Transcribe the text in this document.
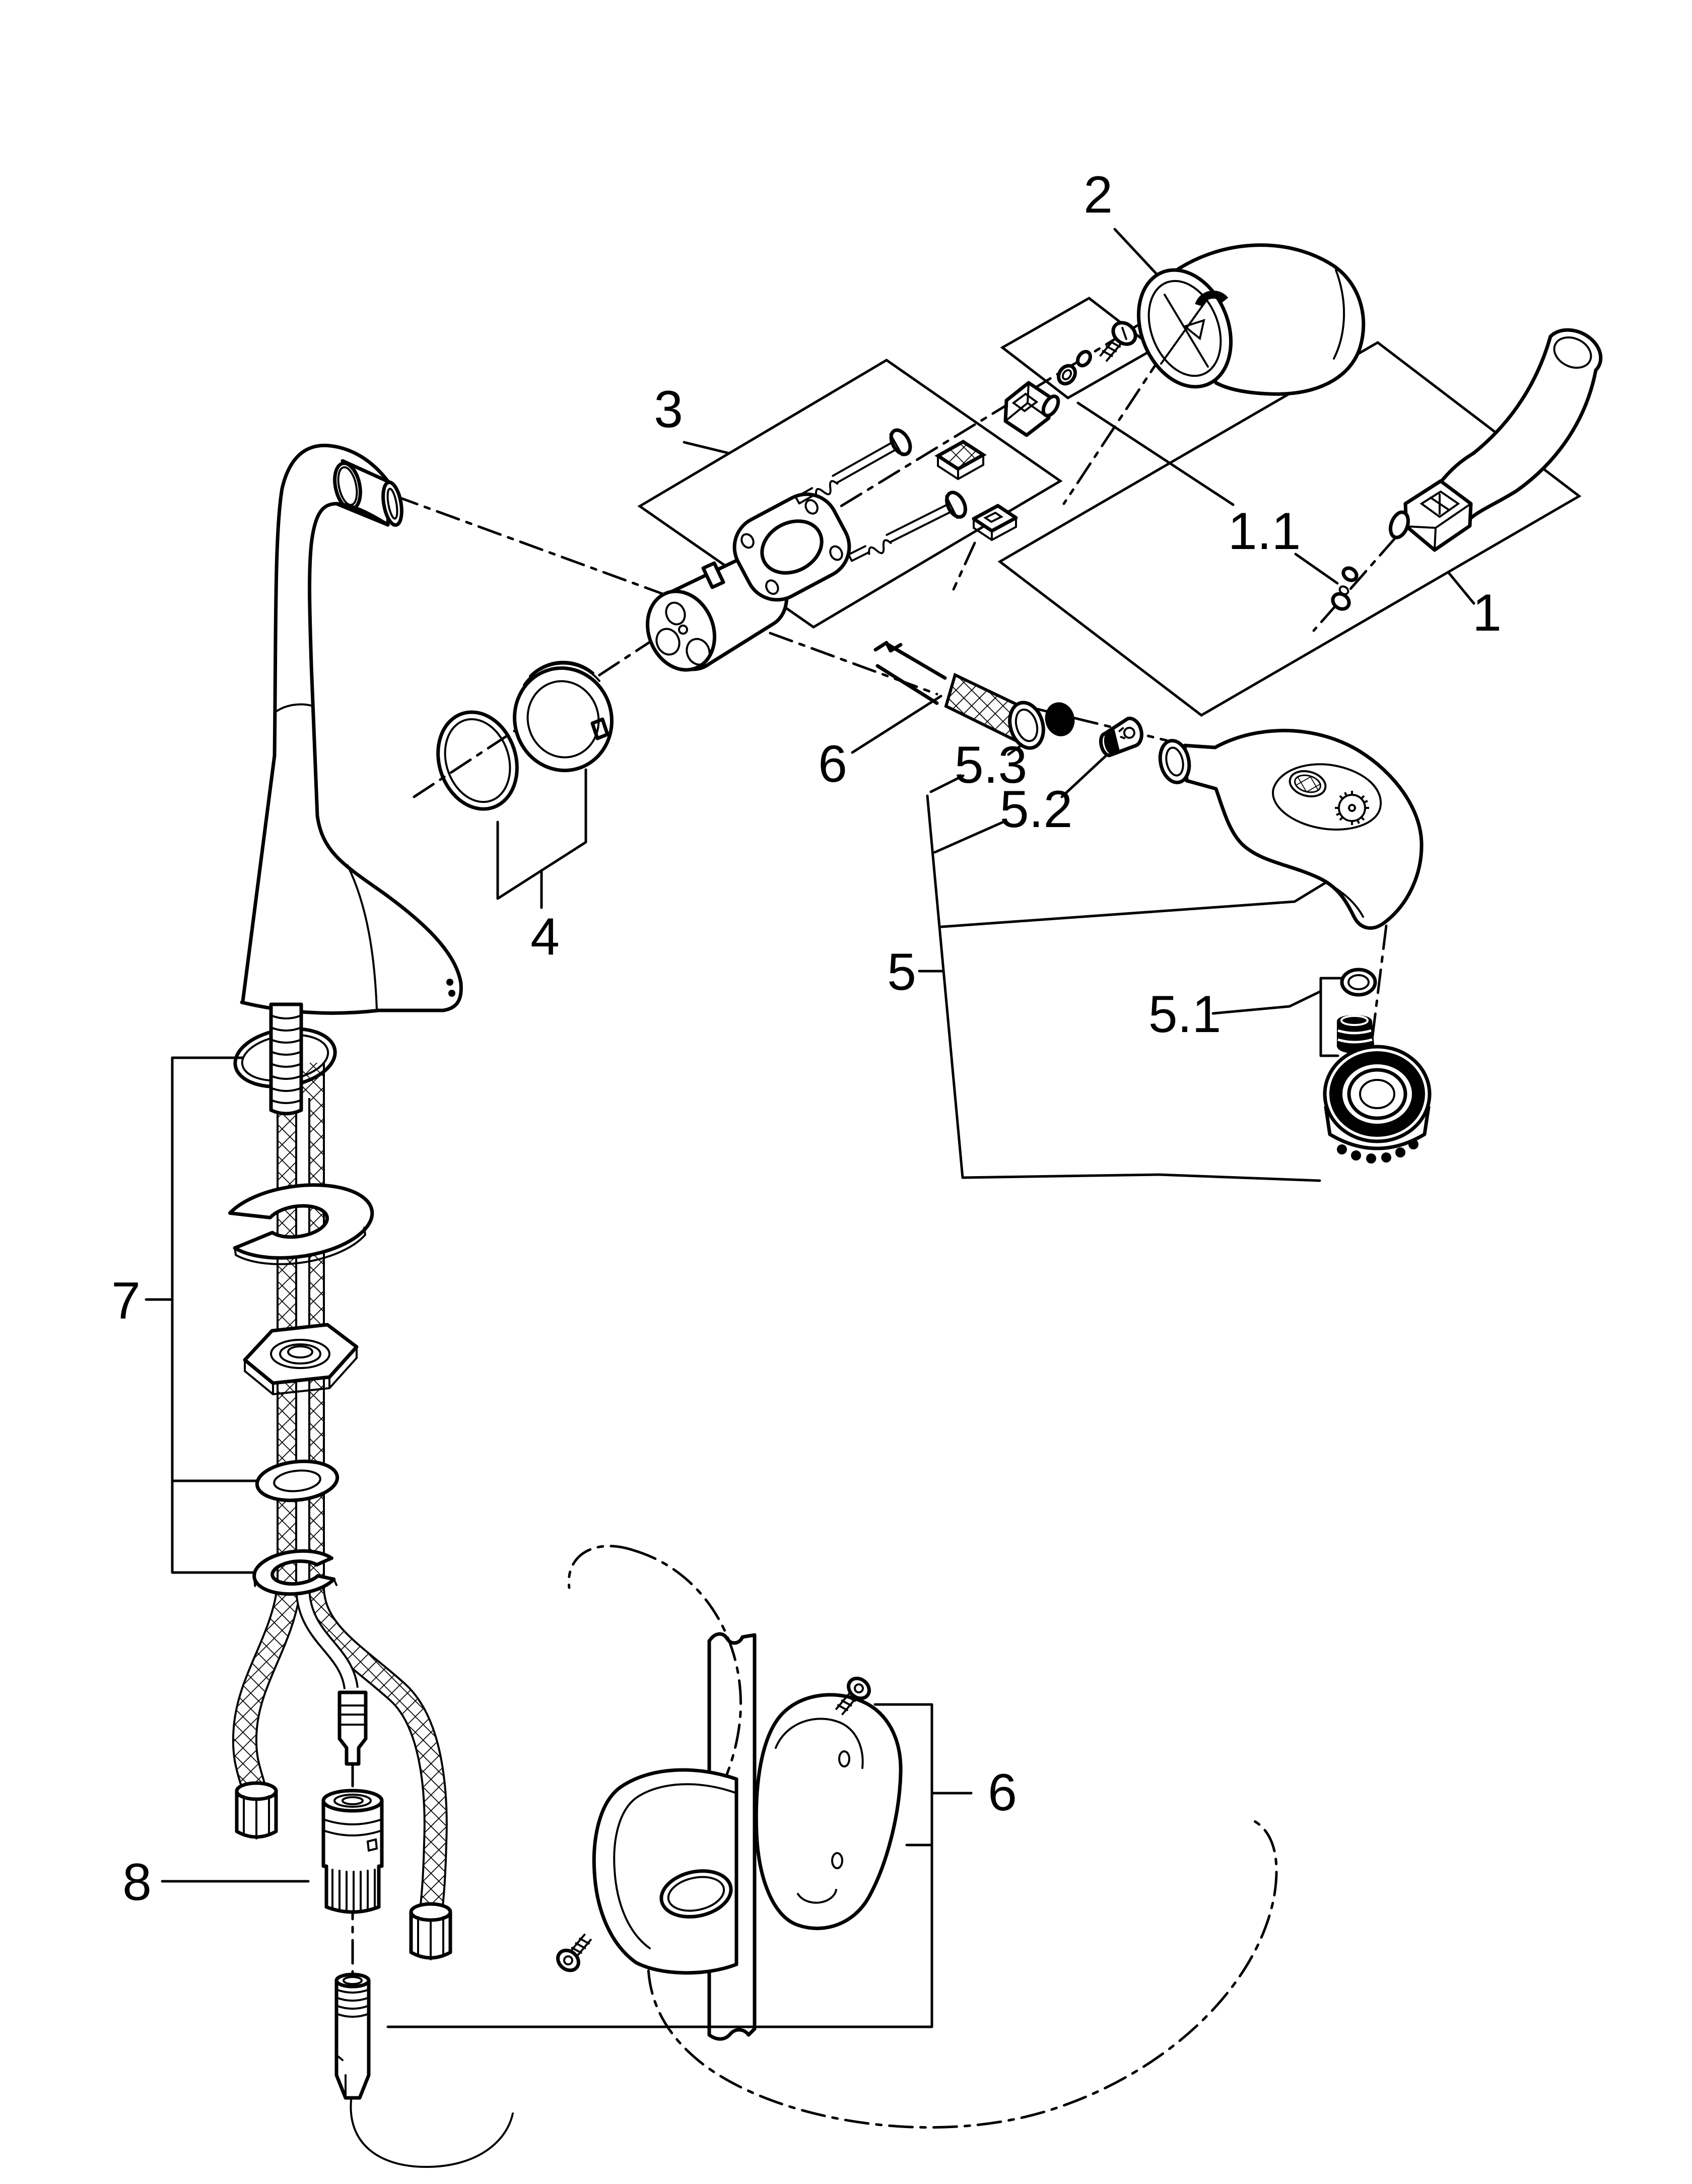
2
3
1
1.1
4
5
5.1
5.2
5.3
6
6
7
8
